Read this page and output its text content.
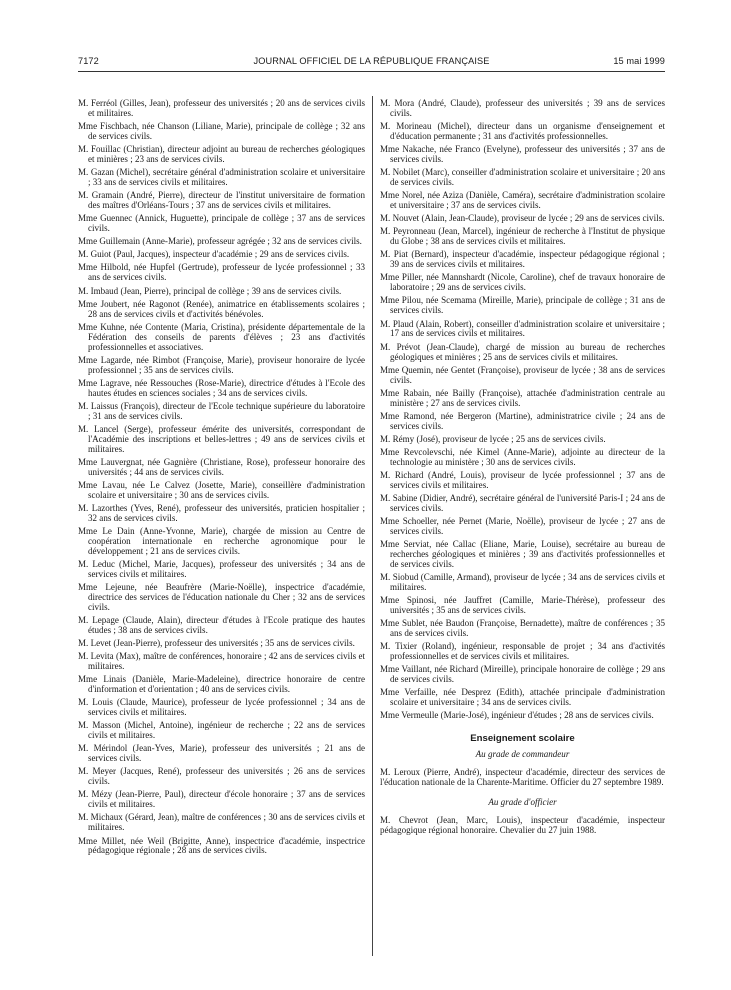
7172	JOURNAL OFFICIEL DE LA RÉPUBLIQUE FRANÇAISE	15 mai 1999

M. Ferréol (Gilles, Jean), professeur des universités ; 20 ans de services civils et militaires.

Mme Fischbach, née Chanson (Liliane, Marie), principale de collège ; 32 ans de services civils.

M. Fouillac (Christian), directeur adjoint au bureau de recherches géologiques et minières ; 23 ans de services civils.

M. Gazan (Michel), secrétaire général d'administration scolaire et universitaire ; 33 ans de services civils et militaires.

M. Gramain (André, Pierre), directeur de l'institut universitaire de formation des maîtres d'Orléans-Tours ; 37 ans de services civils et militaires.

Mme Guennec (Annick, Huguette), principale de collège ; 37 ans de services civils.

Mme Guillemain (Anne-Marie), professeur agrégée ; 32 ans de services civils.

M. Guiot (Paul, Jacques), inspecteur d'académie ; 29 ans de services civils.

Mme Hilbold, née Hupfel (Gertrude), professeur de lycée professionnel ; 33 ans de services civils.

M. Imbaud (Jean, Pierre), principal de collège ; 39 ans de services civils.

Mme Joubert, née Ragonot (Renée), animatrice en établissements scolaires ; 28 ans de services civils et d'activités bénévoles.

Mme Kuhne, née Contente (Maria, Cristina), présidente départementale de la Fédération des conseils de parents d'élèves ; 23 ans d'activités professionnelles et associatives.

Mme Lagarde, née Rimbot (Françoise, Marie), proviseur honoraire de lycée professionnel ; 35 ans de services civils.

Mme Lagrave, née Ressouches (Rose-Marie), directrice d'études à l'Ecole des hautes études en sciences sociales ; 34 ans de services civils.

M. Laissus (François), directeur de l'Ecole technique supérieure du laboratoire ; 31 ans de services civils.

M. Lancel (Serge), professeur émérite des universités, correspondant de l'Académie des inscriptions et belles-lettres ; 49 ans de services civils et militaires.

Mme Lauvergnat, née Gagnière (Christiane, Rose), professeur honoraire des universités ; 44 ans de services civils.

Mme Lavau, née Le Calvez (Josette, Marie), conseillère d'administration scolaire et universitaire ; 30 ans de services civils.

M. Lazorthes (Yves, René), professeur des universités, praticien hospitalier ; 32 ans de services civils.

Mme Le Dain (Anne-Yvonne, Marie), chargée de mission au Centre de coopération internationale en recherche agronomique pour le développement ; 21 ans de services civils.

M. Leduc (Michel, Marie, Jacques), professeur des universités ; 34 ans de services civils et militaires.

Mme Lejeune, née Beaufrère (Marie-Noëlle), inspectrice d'académie, directrice des services de l'éducation nationale du Cher ; 32 ans de services civils.

M. Lepage (Claude, Alain), directeur d'études à l'Ecole pratique des hautes études ; 38 ans de services civils.

M. Levet (Jean-Pierre), professeur des universités ; 35 ans de services civils.

M. Levita (Max), maître de conférences, honoraire ; 42 ans de services civils et militaires.

Mme Linais (Danièle, Marie-Madeleine), directrice honoraire de centre d'information et d'orientation ; 40 ans de services civils.

M. Louis (Claude, Maurice), professeur de lycée professionnel ; 34 ans de services civils et militaires.

M. Masson (Michel, Antoine), ingénieur de recherche ; 22 ans de services civils et militaires.

M. Mérindol (Jean-Yves, Marie), professeur des universités ; 21 ans de services civils.

M. Meyer (Jacques, René), professeur des universités ; 26 ans de services civils.

M. Mézy (Jean-Pierre, Paul), directeur d'école honoraire ; 37 ans de services civils et militaires.

M. Michaux (Gérard, Jean), maître de conférences ; 30 ans de services civils et militaires.

Mme Millet, née Weil (Brigitte, Anne), inspectrice d'académie, inspectrice pédagogique régionale ; 28 ans de services civils.

M. Mora (André, Claude), professeur des universités ; 39 ans de services civils.

M. Morineau (Michel), directeur dans un organisme d'enseignement et d'éducation permanente ; 31 ans d'activités professionnelles.

Mme Nakache, née Franco (Evelyne), professeur des universités ; 37 ans de services civils.

M. Nobilet (Marc), conseiller d'administration scolaire et universitaire ; 20 ans de services civils.

Mme Norel, née Aziza (Danièle, Caméra), secrétaire d'administration scolaire et universitaire ; 37 ans de services civils.

M. Nouvet (Alain, Jean-Claude), proviseur de lycée ; 29 ans de services civils.

M. Peyronneau (Jean, Marcel), ingénieur de recherche à l'Institut de physique du Globe ; 38 ans de services civils et militaires.

M. Piat (Bernard), inspecteur d'académie, inspecteur pédagogique régional ; 39 ans de services civils et militaires.

Mme Piller, née Mannshardt (Nicole, Caroline), chef de travaux honoraire de laboratoire ; 29 ans de services civils.

Mme Pilou, née Scemama (Mireille, Marie), principale de collège ; 31 ans de services civils.

M. Plaud (Alain, Robert), conseiller d'administration scolaire et universitaire ; 17 ans de services civils et militaires.

M. Prévot (Jean-Claude), chargé de mission au bureau de recherches géologiques et minières ; 25 ans de services civils et militaires.

Mme Quemin, née Gentet (Françoise), proviseur de lycée ; 38 ans de services civils.

Mme Rabain, née Bailly (Françoise), attachée d'administration centrale au ministère ; 27 ans de services civils.

Mme Ramond, née Bergeron (Martine), administratrice civile ; 24 ans de services civils.

M. Rémy (José), proviseur de lycée ; 25 ans de services civils.

Mme Revcolevschi, née Kimel (Anne-Marie), adjointe au directeur de la technologie au ministère ; 30 ans de services civils.

M. Richard (André, Louis), proviseur de lycée professionnel ; 37 ans de services civils et militaires.

M. Sabine (Didier, André), secrétaire général de l'université Paris-I ; 24 ans de services civils.

Mme Schoeller, née Pernet (Marie, Noëlle), proviseur de lycée ; 27 ans de services civils.

Mme Serviat, née Callac (Eliane, Marie, Louise), secrétaire au bureau de recherches géologiques et minières ; 39 ans d'activités professionnelles et de services civils.

M. Siobud (Camille, Armand), proviseur de lycée ; 34 ans de services civils et militaires.

Mme Spinosi, née Jauffret (Camille, Marie-Thérèse), professeur des universités ; 35 ans de services civils.

Mme Sublet, née Baudon (Françoise, Bernadette), maître de conférences ; 35 ans de services civils.

M. Tixier (Roland), ingénieur, responsable de projet ; 34 ans d'activités professionnelles et de services civils et militaires.

Mme Vaillant, née Richard (Mireille), principale honoraire de collège ; 29 ans de services civils.

Mme Verfaille, née Desprez (Edith), attachée principale d'administration scolaire et universitaire ; 34 ans de services civils.

Mme Vermeulle (Marie-José), ingénieur d'études ; 28 ans de services civils.

Enseignement scolaire
Au grade de commandeur

M. Leroux (Pierre, André), inspecteur d'académie, directeur des services de l'éducation nationale de la Charente-Maritime. Officier du 27 septembre 1989.

Au grade d'officier

M. Chevrot (Jean, Marc, Louis), inspecteur d'académie, inspecteur pédagogique régional honoraire. Chevalier du 27 juin 1988.
